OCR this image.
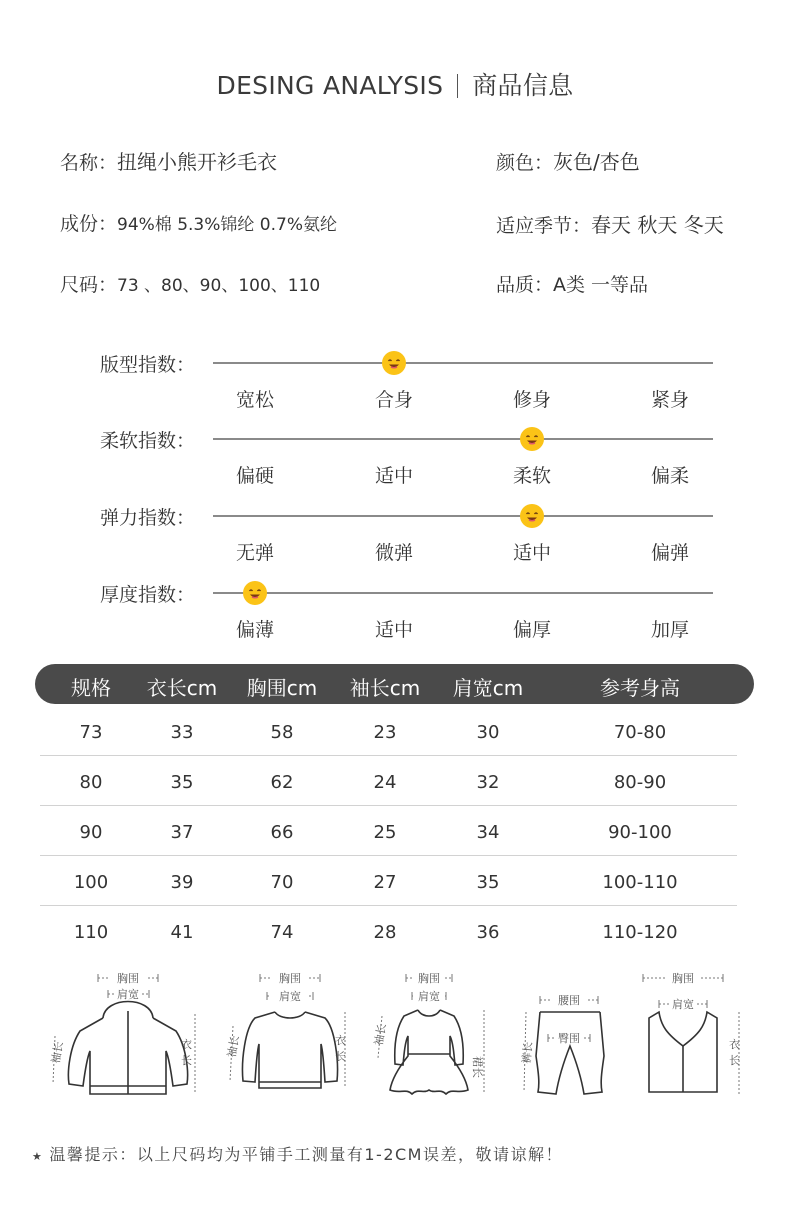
DESING ANALYSIS 商品信息
名称：扭绳小熊开衫毛衣	颜色：灰色/杏色
成份：94%棉 5.3%锦纶 0.7%氨纶	适应季节：春天 秋天 冬天
尺码：73 、80、90、100、110	品质：A类 一等品
版型指数：
宽松	合身	修身	紧身
柔软指数：
偏硬	适中	柔软	偏柔
弹力指数：
无弹	微弹	适中	偏弹
厚度指数：
偏薄	适中	偏厚	加厚
规格	衣长cm	胸围cm	袖长cm	肩宽cm	参考身高
73	33	58	23	30	70-80
80	35	62	24	32	80-90
90	37	66	25	34	90-100
100	39	70	27	35	100-110
110	41	74	28	36	110-120
胸围
肩宽
袖长	衣
长
胸围
肩宽
袖长	衣
长
胸围
肩宽
袖长
裙长
腰围
臀围
裤长
胸围
肩宽
衣
长
★ 温馨提示：以上尺码均为平铺手工测量有1-2CM误差，敬请谅解！
